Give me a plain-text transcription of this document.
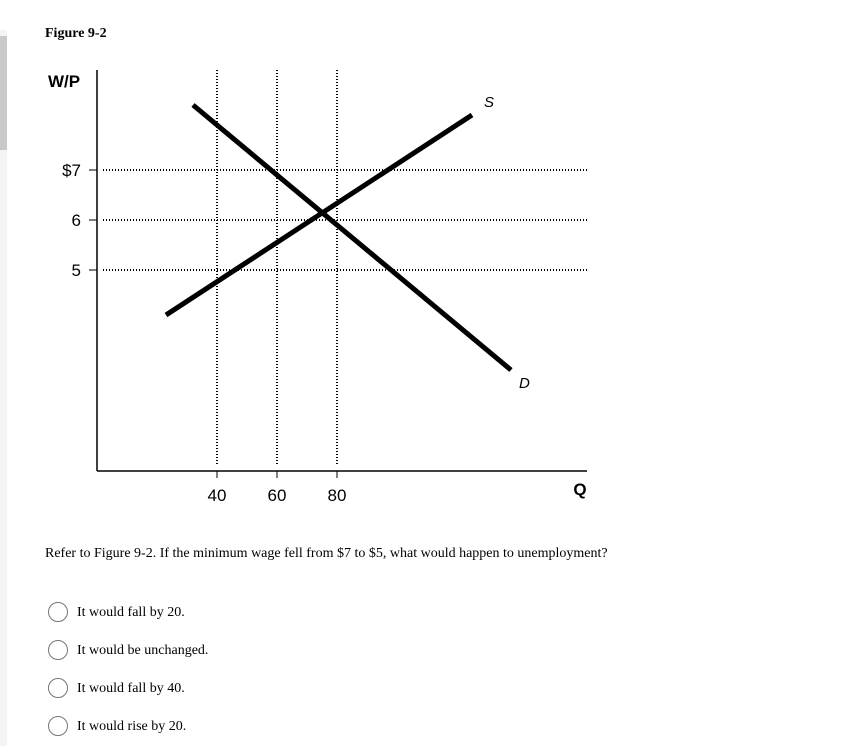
Figure 9-2
$7
6
5
40 60 80
S
D
W/P
Q
Refer to Figure 9-2. If the minimum wage fell from $7 to $5, what would happen to unemployment?
It would fall by 20.
It would be unchanged.
It would fall by 40.
It would rise by 20.
